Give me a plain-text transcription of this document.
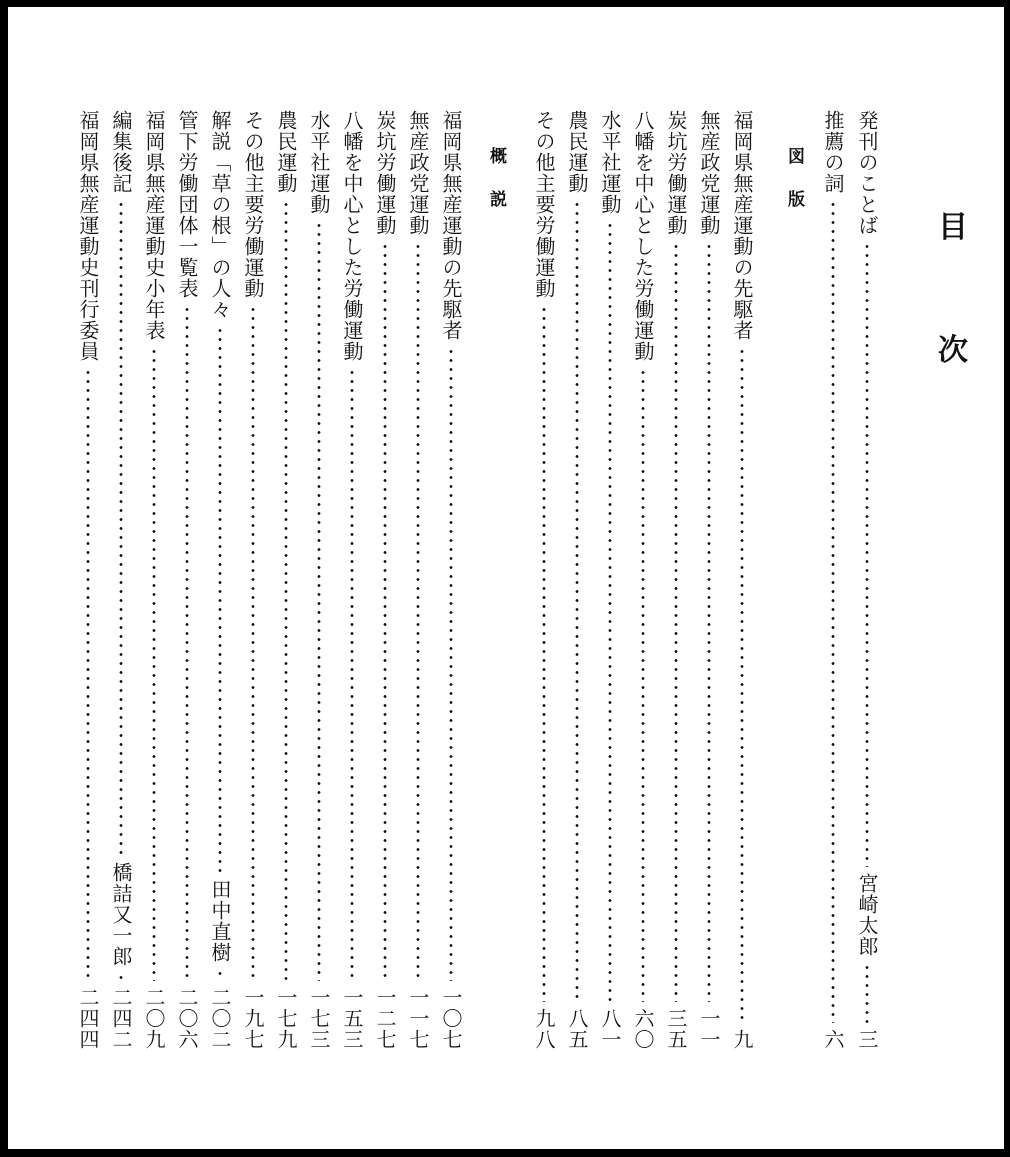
目
次
図 版
概 説	発刊のことば
宮崎太郎
三
推薦の詞
六
福岡県無産運動の先駆者
九
無産政党運動
一一
炭坑労働運動
三五
八幡を中心とした労働運動
六〇
水平社運動
八一
農民運動
八五
その他主要労働運動
九八
福岡県無産運動の先駆者
一〇七
無産政党運動
一一七
炭坑労働運動
一二七
八幡を中心とした労働運動
一五三
水平社運動
一七三
農民運動
一七九
その他主要労働運動
一九七
解説「草の根」の人々
田中直樹
二〇二
管下労働団体一覧表
二〇六
福岡県無産運動史小年表
二〇九
編集後記
橋詰又一郎
二四二
福岡県無産運動史刊行委員
二四四
